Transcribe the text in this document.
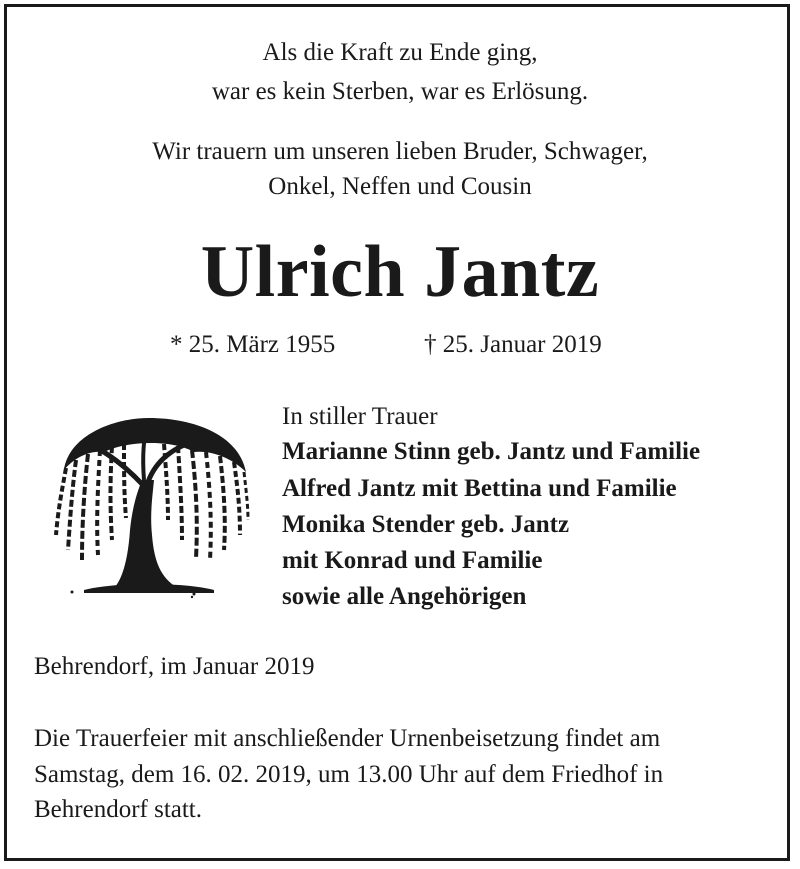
Als die Kraft zu Ende ging,
war es kein Sterben, war es Erlösung.
Wir trauern um unseren lieben Bruder, Schwager,
Onkel, Neffen und Cousin
Ulrich Jantz
* 25. März 1955	† 25. Januar 2019
In stiller Trauer
Marianne Stinn geb. Jantz und Familie
Alfred Jantz mit Bettina und Familie
Monika Stender geb. Jantz
mit Konrad und Familie
sowie alle Angehörigen
Behrendorf, im Januar 2019
Die Trauerfeier mit anschließender Urnenbeisetzung findet am
Samstag, dem 16. 02. 2019, um 13.00 Uhr auf dem Friedhof in
Behrendorf statt.
